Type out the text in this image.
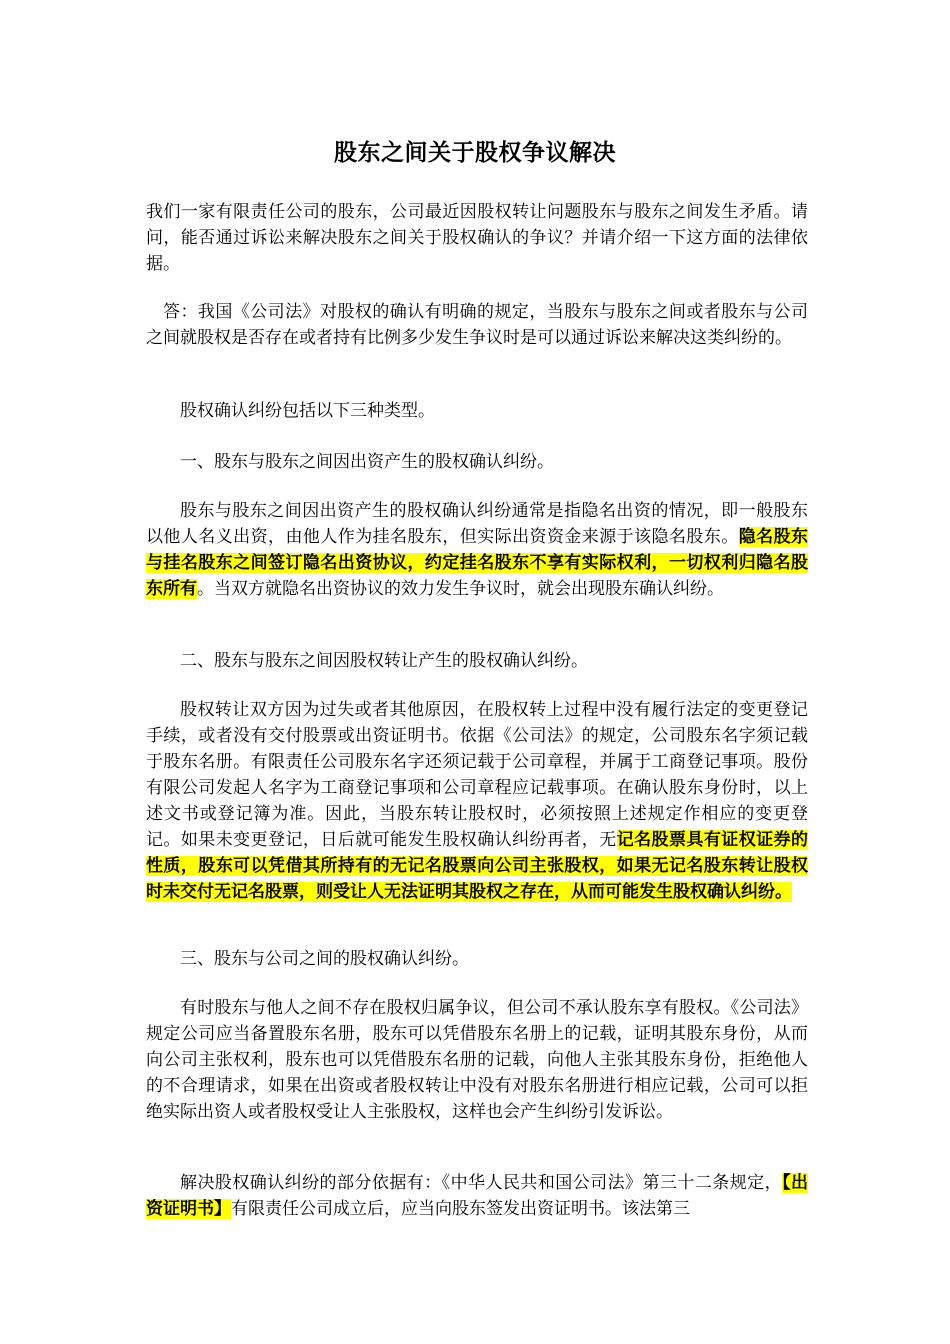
股东之间关于股权争议解决

我们一家有限责任公司的股东，公司最近因股权转让问题股东与股东之间发生矛盾。请问，能否通过诉讼来解决股东之间关于股权确认的争议？并请介绍一下这方面的法律依据。

答：我国《公司法》对股权的确认有明确的规定，当股东与股东之间或者股东与公司之间就股权是否存在或者持有比例多少发生争议时是可以通过诉讼来解决这类纠纷的。

股权确认纠纷包括以下三种类型。

一、股东与股东之间因出资产生的股权确认纠纷。

股东与股东之间因出资产生的股权确认纠纷通常是指隐名出资的情况，即一般股东以他人名义出资，由他人作为挂名股东，但实际出资资金来源于该隐名股东。隐名股东与挂名股东之间签订隐名出资协议，约定挂名股东不享有实际权利，一切权利归隐名股东所有。当双方就隐名出资协议的效力发生争议时，就会出现股东确认纠纷。

二、股东与股东之间因股权转让产生的股权确认纠纷。

股权转让双方因为过失或者其他原因，在股权转上过程中没有履行法定的变更登记手续，或者没有交付股票或出资证明书。依据《公司法》的规定，公司股东名字须记载于股东名册。有限责任公司股东名字还须记载于公司章程，并属于工商登记事项。股份有限公司发起人名字为工商登记事项和公司章程应记载事项。在确认股东身份时，以上述文书或登记簿为准。因此，当股东转让股权时，必须按照上述规定作相应的变更登记。如果未变更登记，日后就可能发生股权确认纠纷再者，无记名股票具有证权证券的性质，股东可以凭借其所持有的无记名股票向公司主张股权，如果无记名股东转让股权时未交付无记名股票，则受让人无法证明其股权之存在，从而可能发生股权确认纠纷。

三、股东与公司之间的股权确认纠纷。

有时股东与他人之间不存在股权归属争议，但公司不承认股东享有股权。《公司法》规定公司应当备置股东名册，股东可以凭借股东名册上的记载，证明其股东身份，从而向公司主张权利，股东也可以凭借股东名册的记载，向他人主张其股东身份，拒绝他人的不合理请求，如果在出资或者股权转让中没有对股东名册进行相应记载，公司可以拒绝实际出资人或者股权受让人主张股权，这样也会产生纠纷引发诉讼。

解决股权确认纠纷的部分依据有：《中华人民共和国公司法》第三十二条规定，【出资证明书】有限责任公司成立后，应当向股东签发出资证明书。该法第三
